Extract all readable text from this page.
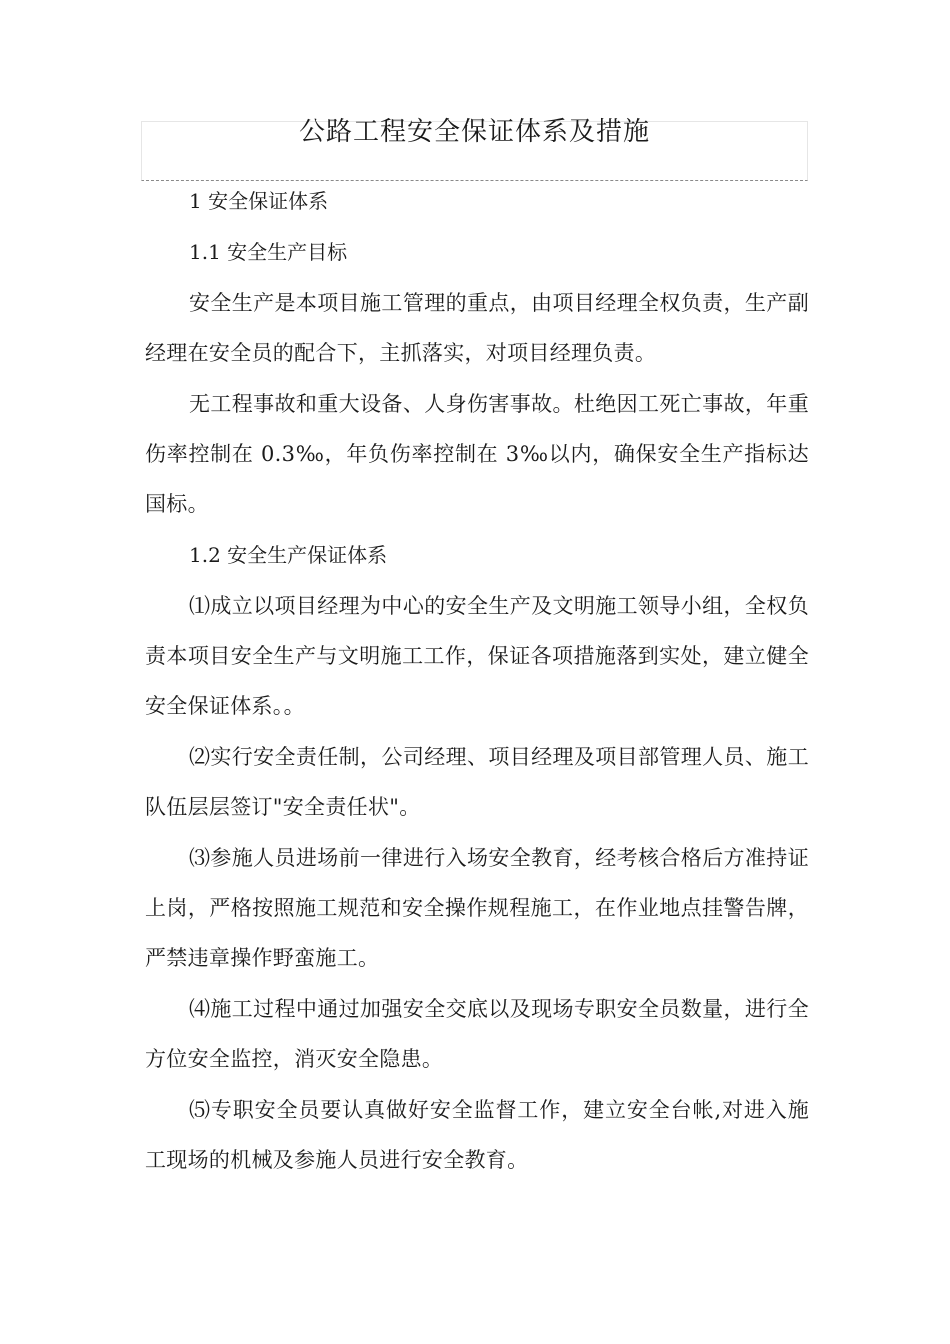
公路工程安全保证体系及措施

1 安全保证体系

1.1 安全生产目标

安全生产是本项目施工管理的重点，由项目经理全权负责，生产副经理在安全员的配合下，主抓落实，对项目经理负责。

无工程事故和重大设备、人身伤害事故。杜绝因工死亡事故，年重伤率控制在 0.3‰，年负伤率控制在 3‰以内，确保安全生产指标达国标。

1.2 安全生产保证体系

⑴成立以项目经理为中心的安全生产及文明施工领导小组，全权负责本项目安全生产与文明施工工作，保证各项措施落到实处，建立健全安全保证体系。。

⑵实行安全责任制，公司经理、项目经理及项目部管理人员、施工队伍层层签订"安全责任状"。

⑶参施人员进场前一律进行入场安全教育，经考核合格后方准持证上岗，严格按照施工规范和安全操作规程施工，在作业地点挂警告牌，严禁违章操作野蛮施工。

⑷施工过程中通过加强安全交底以及现场专职安全员数量，进行全方位安全监控，消灭安全隐患。

⑸专职安全员要认真做好安全监督工作，建立安全台帐,对进入施工现场的机械及参施人员进行安全教育。
